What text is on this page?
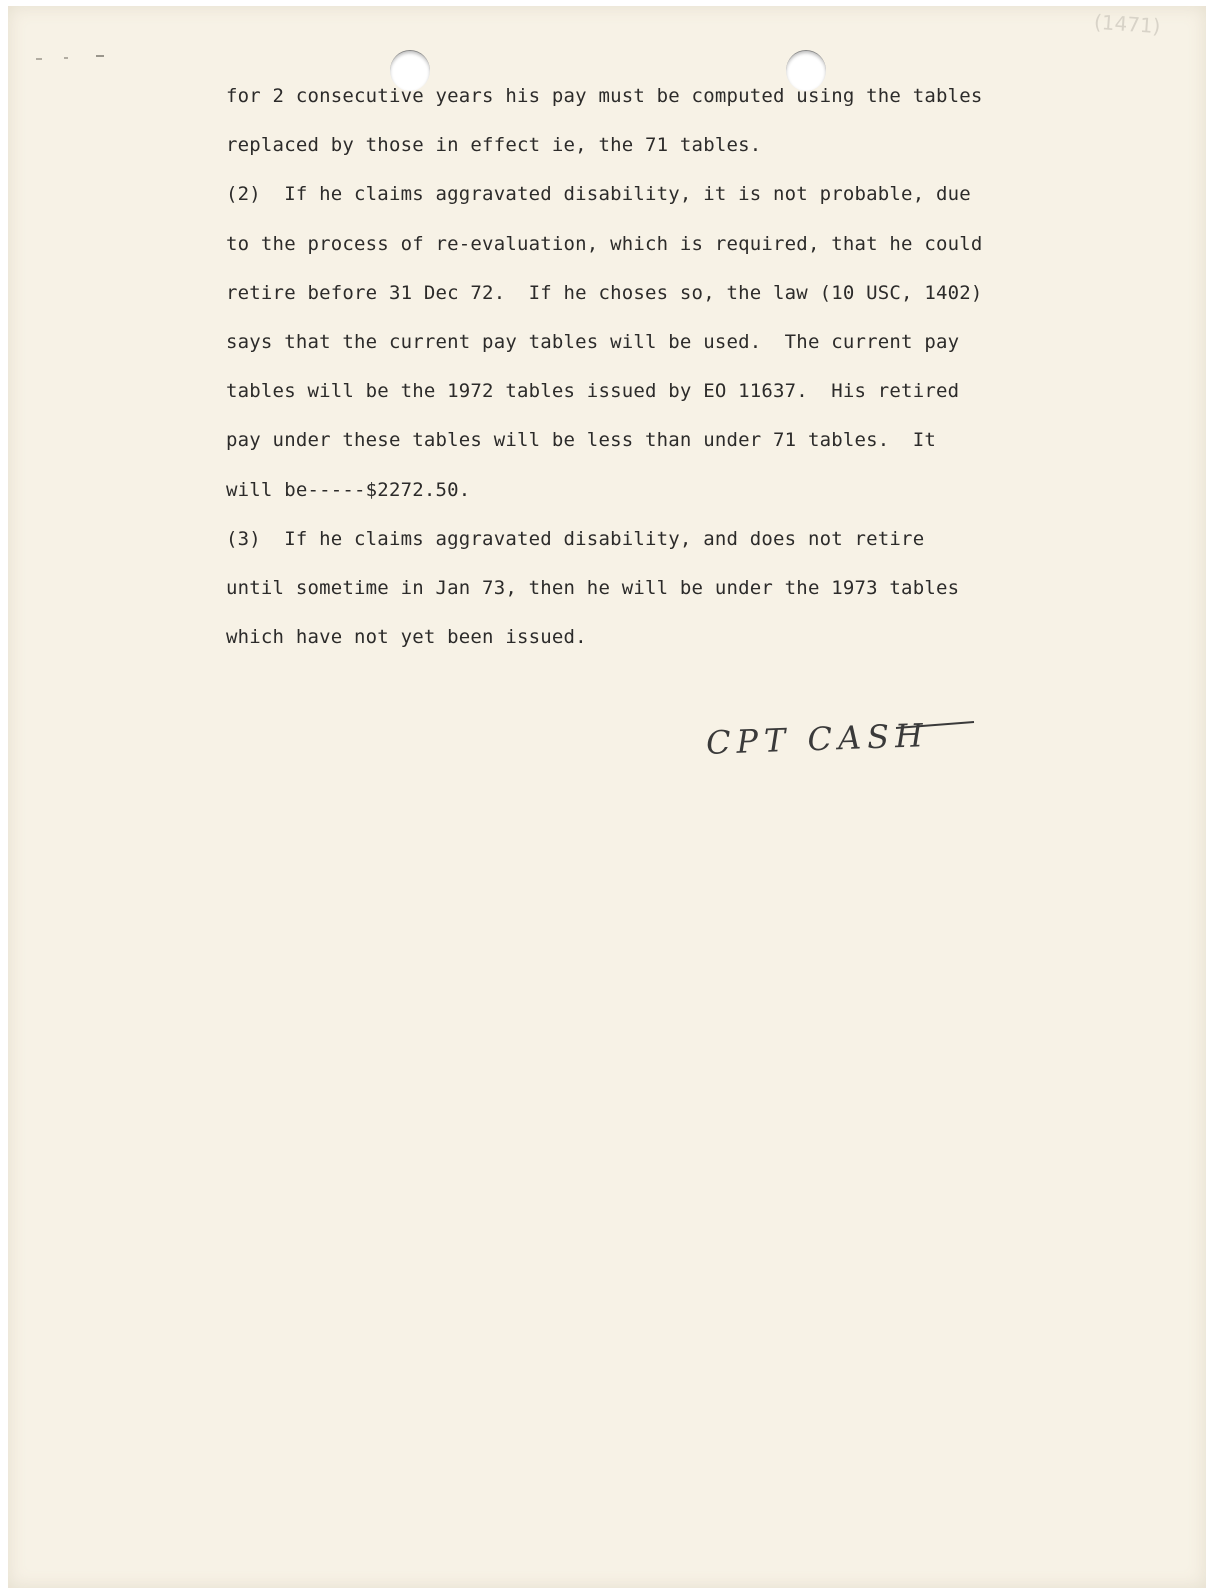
(1471)

for 2 consecutive years his pay must be computed using the tables

replaced by those in effect ie, the 71 tables.

(2)  If he claims aggravated disability, it is not probable, due

to the process of re-evaluation, which is required, that he could

retire before 31 Dec 72.  If he choses so, the law (10 USC, 1402)

says that the current pay tables will be used.  The current pay

tables will be the 1972 tables issued by EO 11637.  His retired

pay under these tables will be less than under 71 tables.  It

will be-----$2272.50.

(3)  If he claims aggravated disability, and does not retire

until sometime in Jan 73, then he will be under the 1973 tables

which have not yet been issued.

CPT CASH
